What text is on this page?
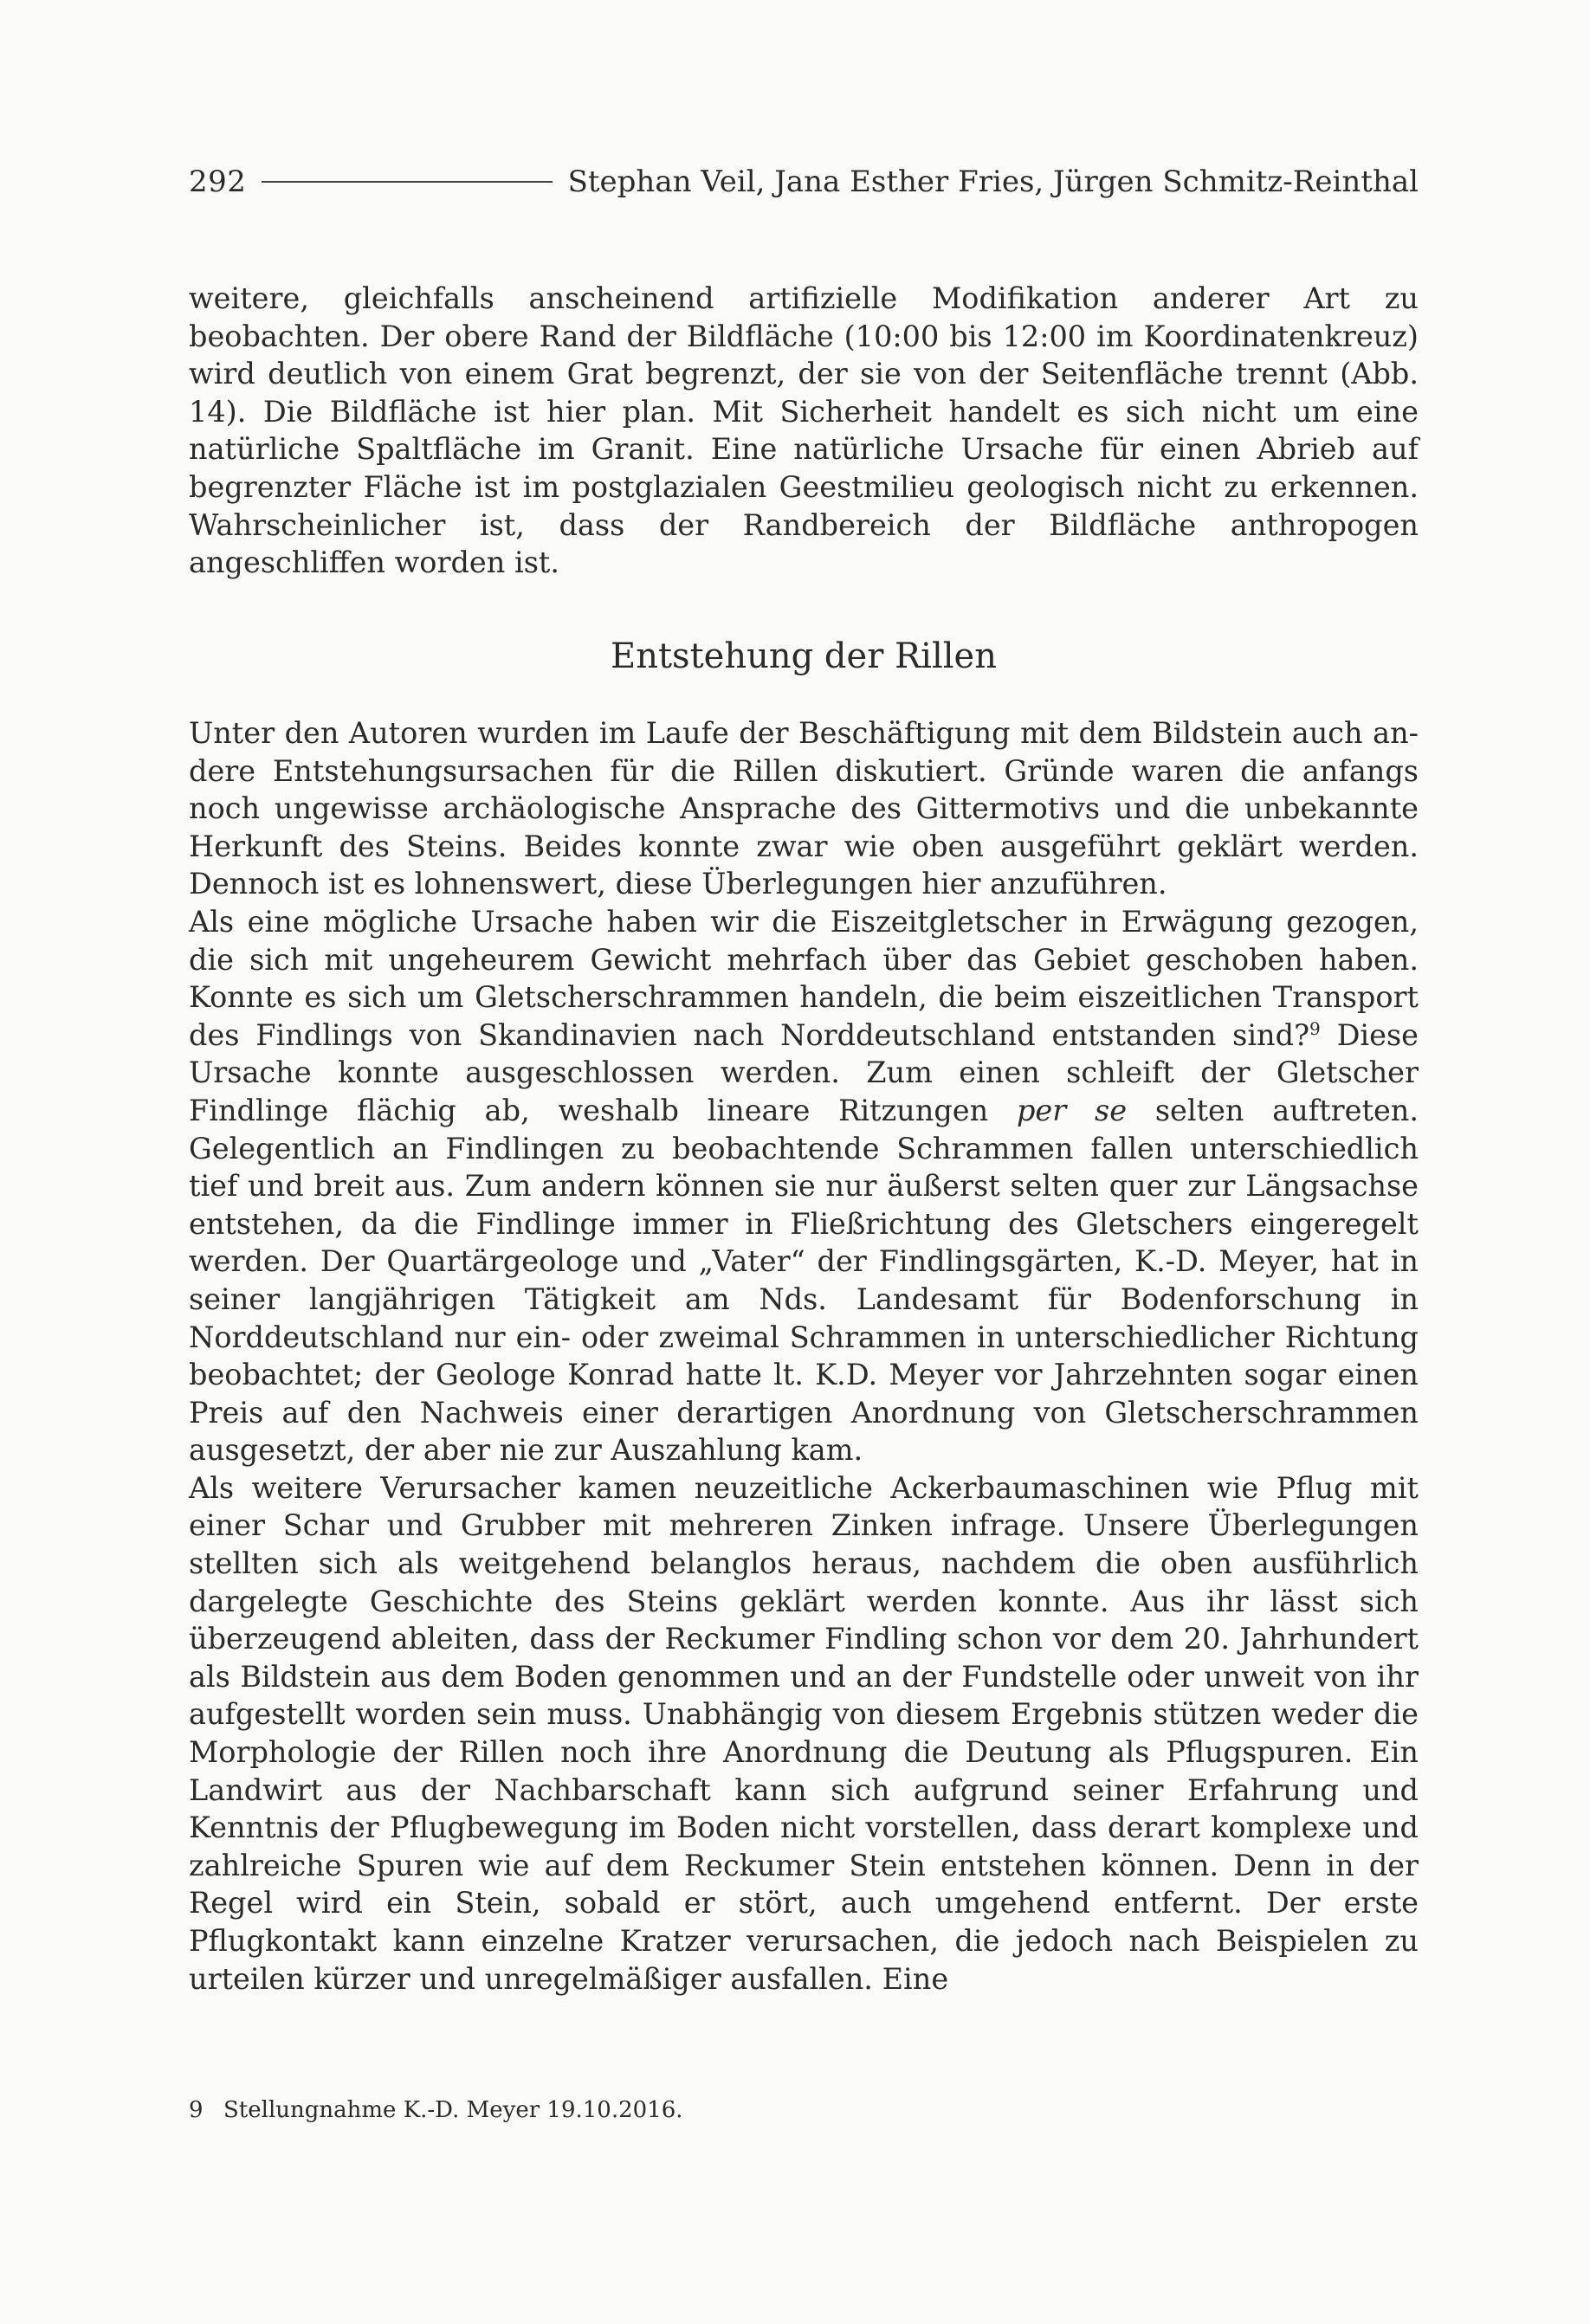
292	Stephan Veil, Jana Esther Fries, Jürgen Schmitz-Reinthal
weitere, gleichfalls anscheinend artifizielle Modifikation anderer Art zu beobachten. Der obere Rand der Bildfläche (10:00 bis 12:00 im Koordinatenkreuz) wird deutlich von einem Grat begrenzt, der sie von der Seitenfläche trennt (Abb. 14). Die Bildfläche ist hier plan. Mit Sicherheit handelt es sich nicht um eine natürliche Spaltfläche im Granit. Eine natürliche Ursache für einen Abrieb auf begrenzter Fläche ist im postglazialen Geestmilieu geologisch nicht zu erkennen. Wahrscheinlicher ist, dass der Randbereich der Bildfläche anthropogen angeschliffen worden ist.
Entstehung der Rillen

Unter den Autoren wurden im Laufe der Beschäftigung mit dem Bildstein auch andere Entstehungsursachen für die Rillen diskutiert. Gründe waren die anfangs noch ungewisse archäologische Ansprache des Gittermotivs und die unbekannte Herkunft des Steins. Beides konnte zwar wie oben ausgeführt geklärt werden. Dennoch ist es lohnenswert, diese Überlegungen hier anzuführen.

Als eine mögliche Ursache haben wir die Eiszeitgletscher in Erwägung gezogen, die sich mit ungeheurem Gewicht mehrfach über das Gebiet geschoben haben. Konnte es sich um Gletscherschrammen handeln, die beim eiszeitlichen Transport des Findlings von Skandinavien nach Norddeutschland entstanden sind?$^9$ Diese Ursache konnte ausgeschlossen werden. Zum einen schleift der Gletscher Findlinge flächig ab, weshalb lineare Ritzungen per se selten auftreten. Gelegentlich an Findlingen zu beobachtende Schrammen fallen unterschiedlich tief und breit aus. Zum andern können sie nur äußerst selten quer zur Längsachse entstehen, da die Findlinge immer in Fließrichtung des Gletschers eingeregelt werden. Der Quartärgeologe und „Vater“ der Findlingsgärten, K.-D. Meyer, hat in seiner langjährigen Tätigkeit am Nds. Landesamt für Bodenforschung in Norddeutschland nur ein- oder zweimal Schrammen in unterschiedlicher Richtung beobachtet; der Geologe Konrad hatte lt. K.D. Meyer vor Jahrzehnten sogar einen Preis auf den Nachweis einer derartigen Anordnung von Gletscherschrammen ausgesetzt, der aber nie zur Auszahlung kam.

Als weitere Verursacher kamen neuzeitliche Ackerbaumaschinen wie Pflug mit einer Schar und Grubber mit mehreren Zinken infrage. Unsere Überlegungen stellten sich als weitgehend belanglos heraus, nachdem die oben ausführlich dargelegte Geschichte des Steins geklärt werden konnte. Aus ihr lässt sich überzeugend ableiten, dass der Reckumer Findling schon vor dem 20. Jahrhundert als Bildstein aus dem Boden genommen und an der Fundstelle oder unweit von ihr aufgestellt worden sein muss. Unabhängig von diesem Ergebnis stützen weder die Morphologie der Rillen noch ihre Anordnung die Deutung als Pflugspuren. Ein Landwirt aus der Nachbarschaft kann sich aufgrund seiner Erfahrung und Kenntnis der Pflugbewegung im Boden nicht vorstellen, dass derart komplexe und zahlreiche Spuren wie auf dem Reckumer Stein entstehen können. Denn in der Regel wird ein Stein, sobald er stört, auch umgehend entfernt. Der erste Pflugkontakt kann einzelne Kratzer verursachen, die jedoch nach Beispielen zu urteilen kürzer und unregelmäßiger ausfallen. Eine

9 Stellungnahme K.-D. Meyer 19.10.2016.
